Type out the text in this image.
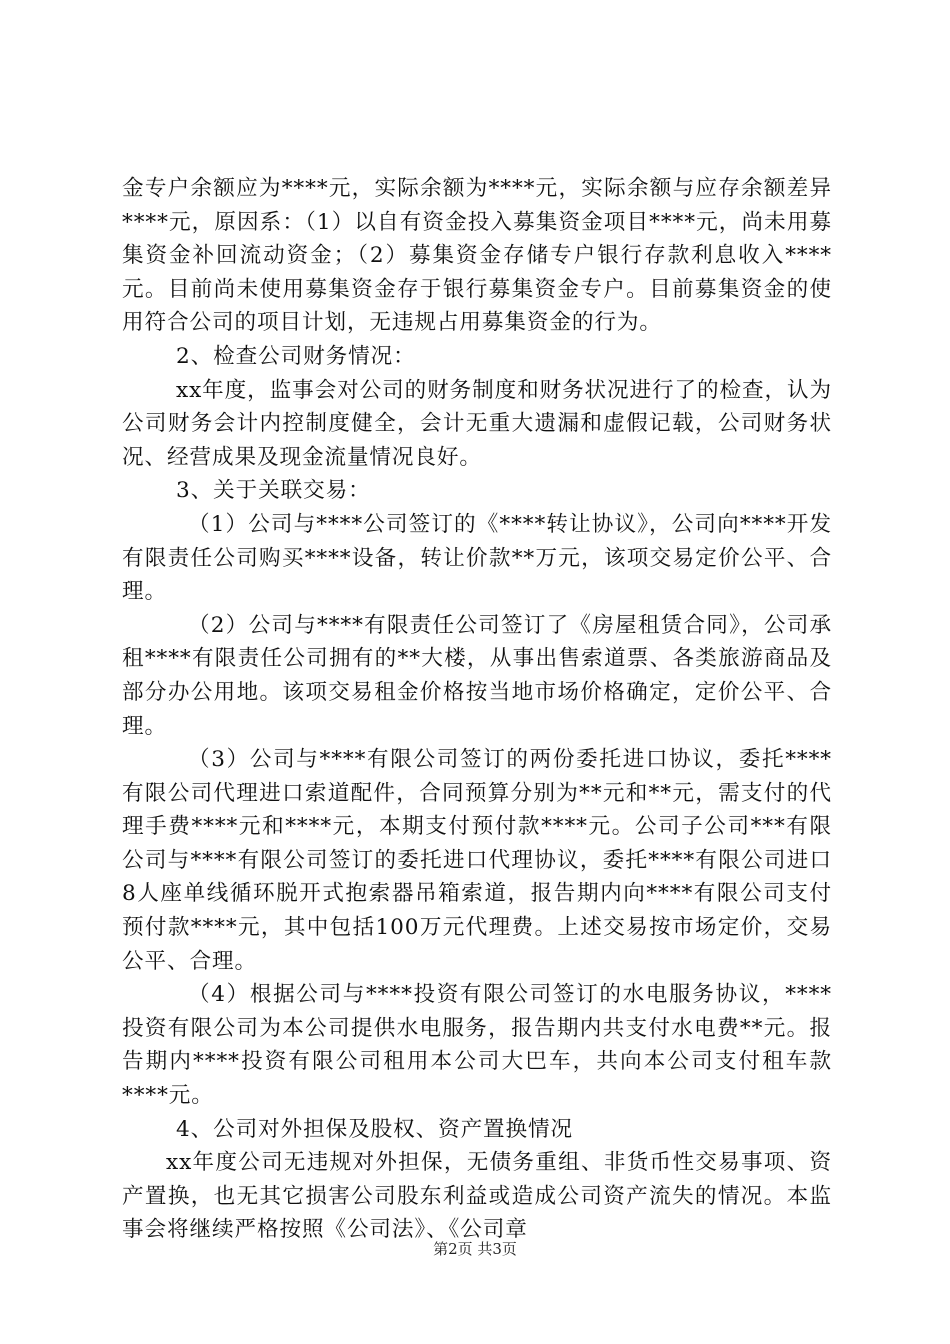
金专户余额应为****元，实际余额为****元，实际余额与应存余额差异****元，原因系：（1）以自有资金投入募集资金项目****元，尚未用募集资金补回流动资金；（2）募集资金存储专户银行存款利息收入****元。目前尚未使用募集资金存于银行募集资金专户。目前募集资金的使用符合公司的项目计划，无违规占用募集资金的行为。

2、检查公司财务情况：

xx年度，监事会对公司的财务制度和财务状况进行了的检查，认为公司财务会计内控制度健全，会计无重大遗漏和虚假记载，公司财务状况、经营成果及现金流量情况良好。

3、关于关联交易：

（1）公司与****公司签订的《****转让协议》，公司向****开发有限责任公司购买****设备，转让价款**万元，该项交易定价公平、合理。

（2）公司与****有限责任公司签订了《房屋租赁合同》，公司承租****有限责任公司拥有的**大楼，从事出售索道票、各类旅游商品及部分办公用地。该项交易租金价格按当地市场价格确定，定价公平、合理。

（3）公司与****有限公司签订的两份委托进口协议，委托****有限公司代理进口索道配件，合同预算分别为**元和**元，需支付的代理手费****元和****元，本期支付预付款****元。公司子公司***有限公司与****有限公司签订的委托进口代理协议，委托****有限公司进口8人座单线循环脱开式抱索器吊箱索道，报告期内向****有限公司支付预付款****元，其中包括100万元代理费。上述交易按市场定价，交易公平、合理。

（4）根据公司与****投资有限公司签订的水电服务协议，****投资有限公司为本公司提供水电服务，报告期内共支付水电费**元。报告期内****投资有限公司租用本公司大巴车，共向本公司支付租车款****元。

4、公司对外担保及股权、资产置换情况

xx年度公司无违规对外担保，无债务重组、非货币性交易事项、资产置换，也无其它损害公司股东利益或造成公司资产流失的情况。本监事会将继续严格按照《公司法》、《公司章

第2页 共3页
